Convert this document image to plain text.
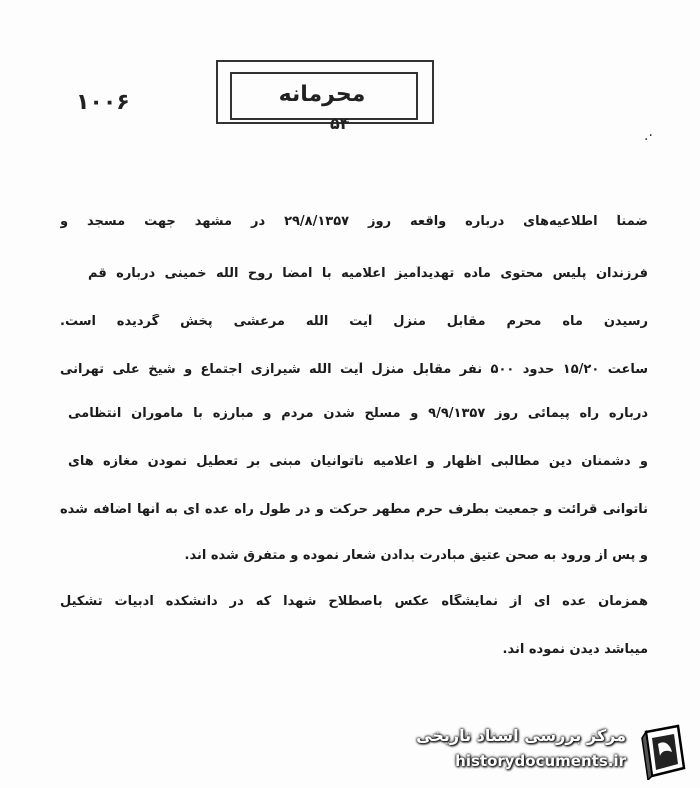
۱۰۰۶	محرمانه
۵۴
.·
ضمناً اطلاعیه‌های درباره واقعه روز ۲۹/۸/۱۳۵۷ در مشهد جهت مسجد و
فرزندان پلیس محتوی ماده تهدیدآمیز اعلامیه با امضا روح الله خمینی درباره قم
رسیدن ماه محرم مقابل منزل آیت الله مرعشی پخش گردیده است.
ساعت ۱۵/۲۰ حدود ۵۰۰ نفر مقابل منزل آیت الله شیرازی اجتماع و شیخ علی تهرانی
درباره راه پیمائی روز ۹/۹/۱۳۵۷ و مسلح شدن مردم و مبارزه با ماموران انتظامی
و دشمنان دین مطالبی اظهار و اعلامیه ناتوانیان مبنی بر تعطیل نمودن مغازه های
ناتوانی قرائت و جمعیت بطرف حرم مطهر حرکت و در طول راه عده ای به آنها اضافه شده
و پس از ورود به صحن عتیق مبادرت بدادن شعار نموده و متفرق شده اند.
همزمان عده ای از نمایشگاه عکس باصطلاح شهدا که در دانشکده ادبیات تشکیل
میباشد دیدن نموده اند.
مرکز بررسی اسناد تاریخی
historydocuments.ir
